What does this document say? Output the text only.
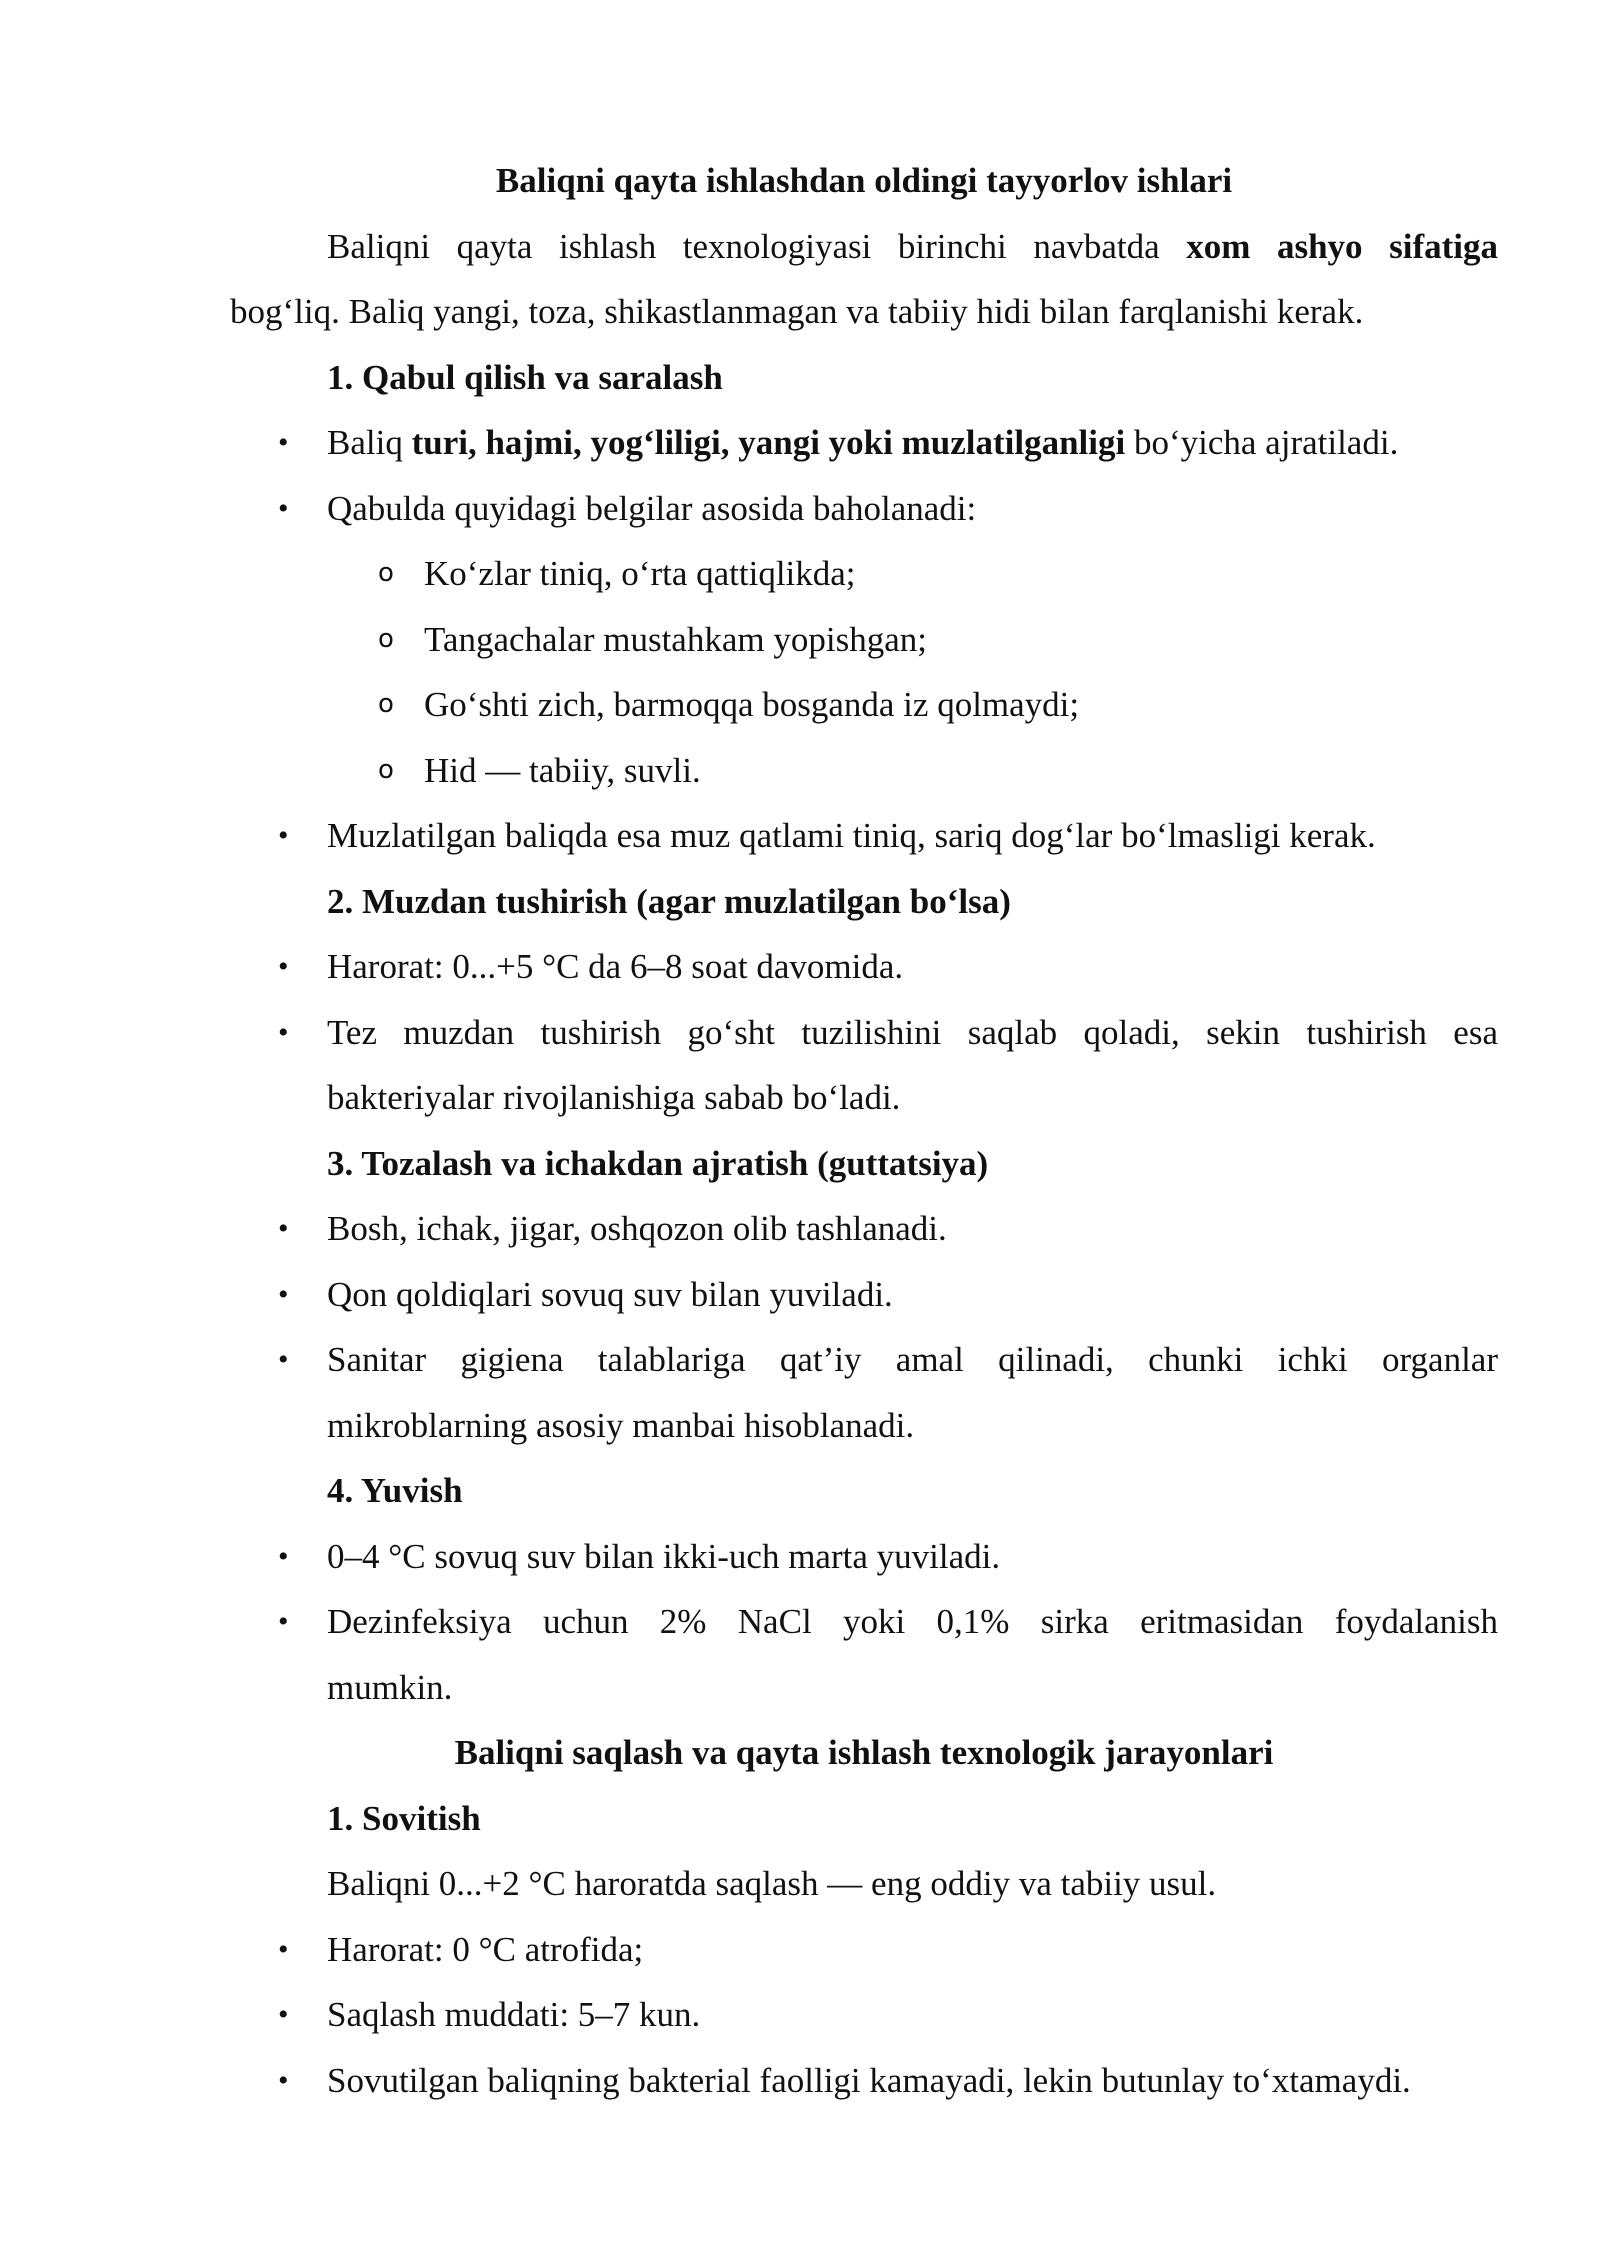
Baliqni qayta ishlashdan oldingi tayyorlov ishlari
Baliqni qayta ishlash texnologiyasi birinchi navbatda xom ashyo sifatiga
bog‘liq. Baliq yangi, toza, shikastlanmagan va tabiiy hidi bilan farqlanishi kerak.
1. Qabul qilish va saralash
• Baliq turi, hajmi, yog‘liligi, yangi yoki muzlatilganligi bo‘yicha ajratiladi.
• Qabulda quyidagi belgilar asosida baholanadi:
o Ko‘zlar tiniq, o‘rta qattiqlikda;
o Tangachalar mustahkam yopishgan;
o Go‘shti zich, barmoqqa bosganda iz qolmaydi;
o Hid — tabiiy, suvli.
• Muzlatilgan baliqda esa muz qatlami tiniq, sariq dog‘lar bo‘lmasligi kerak.
2. Muzdan tushirish (agar muzlatilgan bo‘lsa)
• Harorat: 0...+5 °C da 6–8 soat davomida.
• Tez muzdan tushirish go‘sht tuzilishini saqlab qoladi, sekin tushirish esa
bakteriyalar rivojlanishiga sabab bo‘ladi.
3. Tozalash va ichakdan ajratish (guttatsiya)
• Bosh, ichak, jigar, oshqozon olib tashlanadi.
• Qon qoldiqlari sovuq suv bilan yuviladi.
• Sanitar gigiena talablariga qat’iy amal qilinadi, chunki ichki organlar
mikroblarning asosiy manbai hisoblanadi.
4. Yuvish
• 0–4 °C sovuq suv bilan ikki-uch marta yuviladi.
• Dezinfeksiya uchun 2% NaCl yoki 0,1% sirka eritmasidan foydalanish
mumkin.
Baliqni saqlash va qayta ishlash texnologik jarayonlari
1. Sovitish
Baliqni 0...+2 °C haroratda saqlash — eng oddiy va tabiiy usul.
• Harorat: 0 °C atrofida;
• Saqlash muddati: 5–7 kun.
• Sovutilgan baliqning bakterial faolligi kamayadi, lekin butunlay to‘xtamaydi.
